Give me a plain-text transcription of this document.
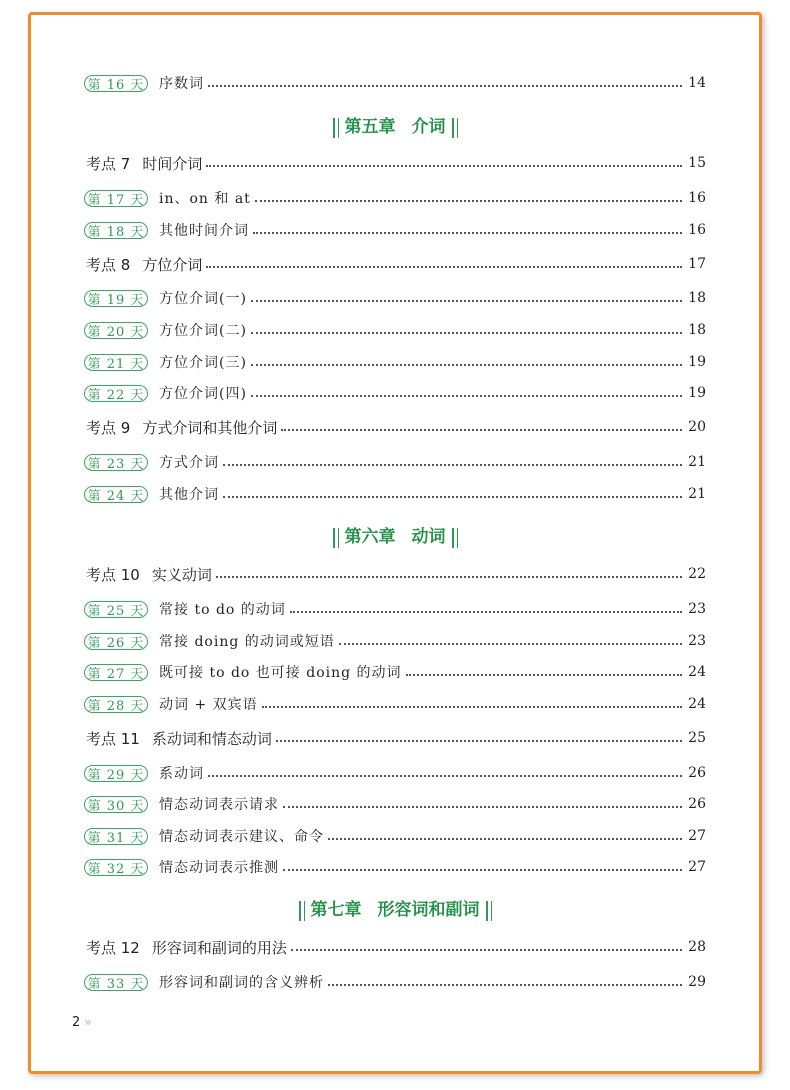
第五章 介词
第六章 动词
第七章 形容词和副词
第 16 天 序数词	14
考点 7 时间介词	15
第 17 天 in、on 和 at	16
第 18 天 其他时间介词	16
考点 8 方位介词	17
第 19 天 方位介词(一)	18
第 20 天 方位介词(二)	18
第 21 天 方位介词(三)	19
第 22 天 方位介词(四)	19
考点 9 方式介词和其他介词	20
第 23 天 方式介词	21
第 24 天 其他介词	21
考点 10 实义动词	22
第 25 天 常接 to do 的动词	23
第 26 天 常接 doing 的动词或短语	23
第 27 天 既可接 to do 也可接 doing 的动词	24
第 28 天 动词 + 双宾语	24
考点 11 系动词和情态动词	25
第 29 天 系动词	26
第 30 天 情态动词表示请求	26
第 31 天 情态动词表示建议、命令	27
第 32 天 情态动词表示推测	27
考点 12 形容词和副词的用法	28
第 33 天 形容词和副词的含义辨析	29
2 »
